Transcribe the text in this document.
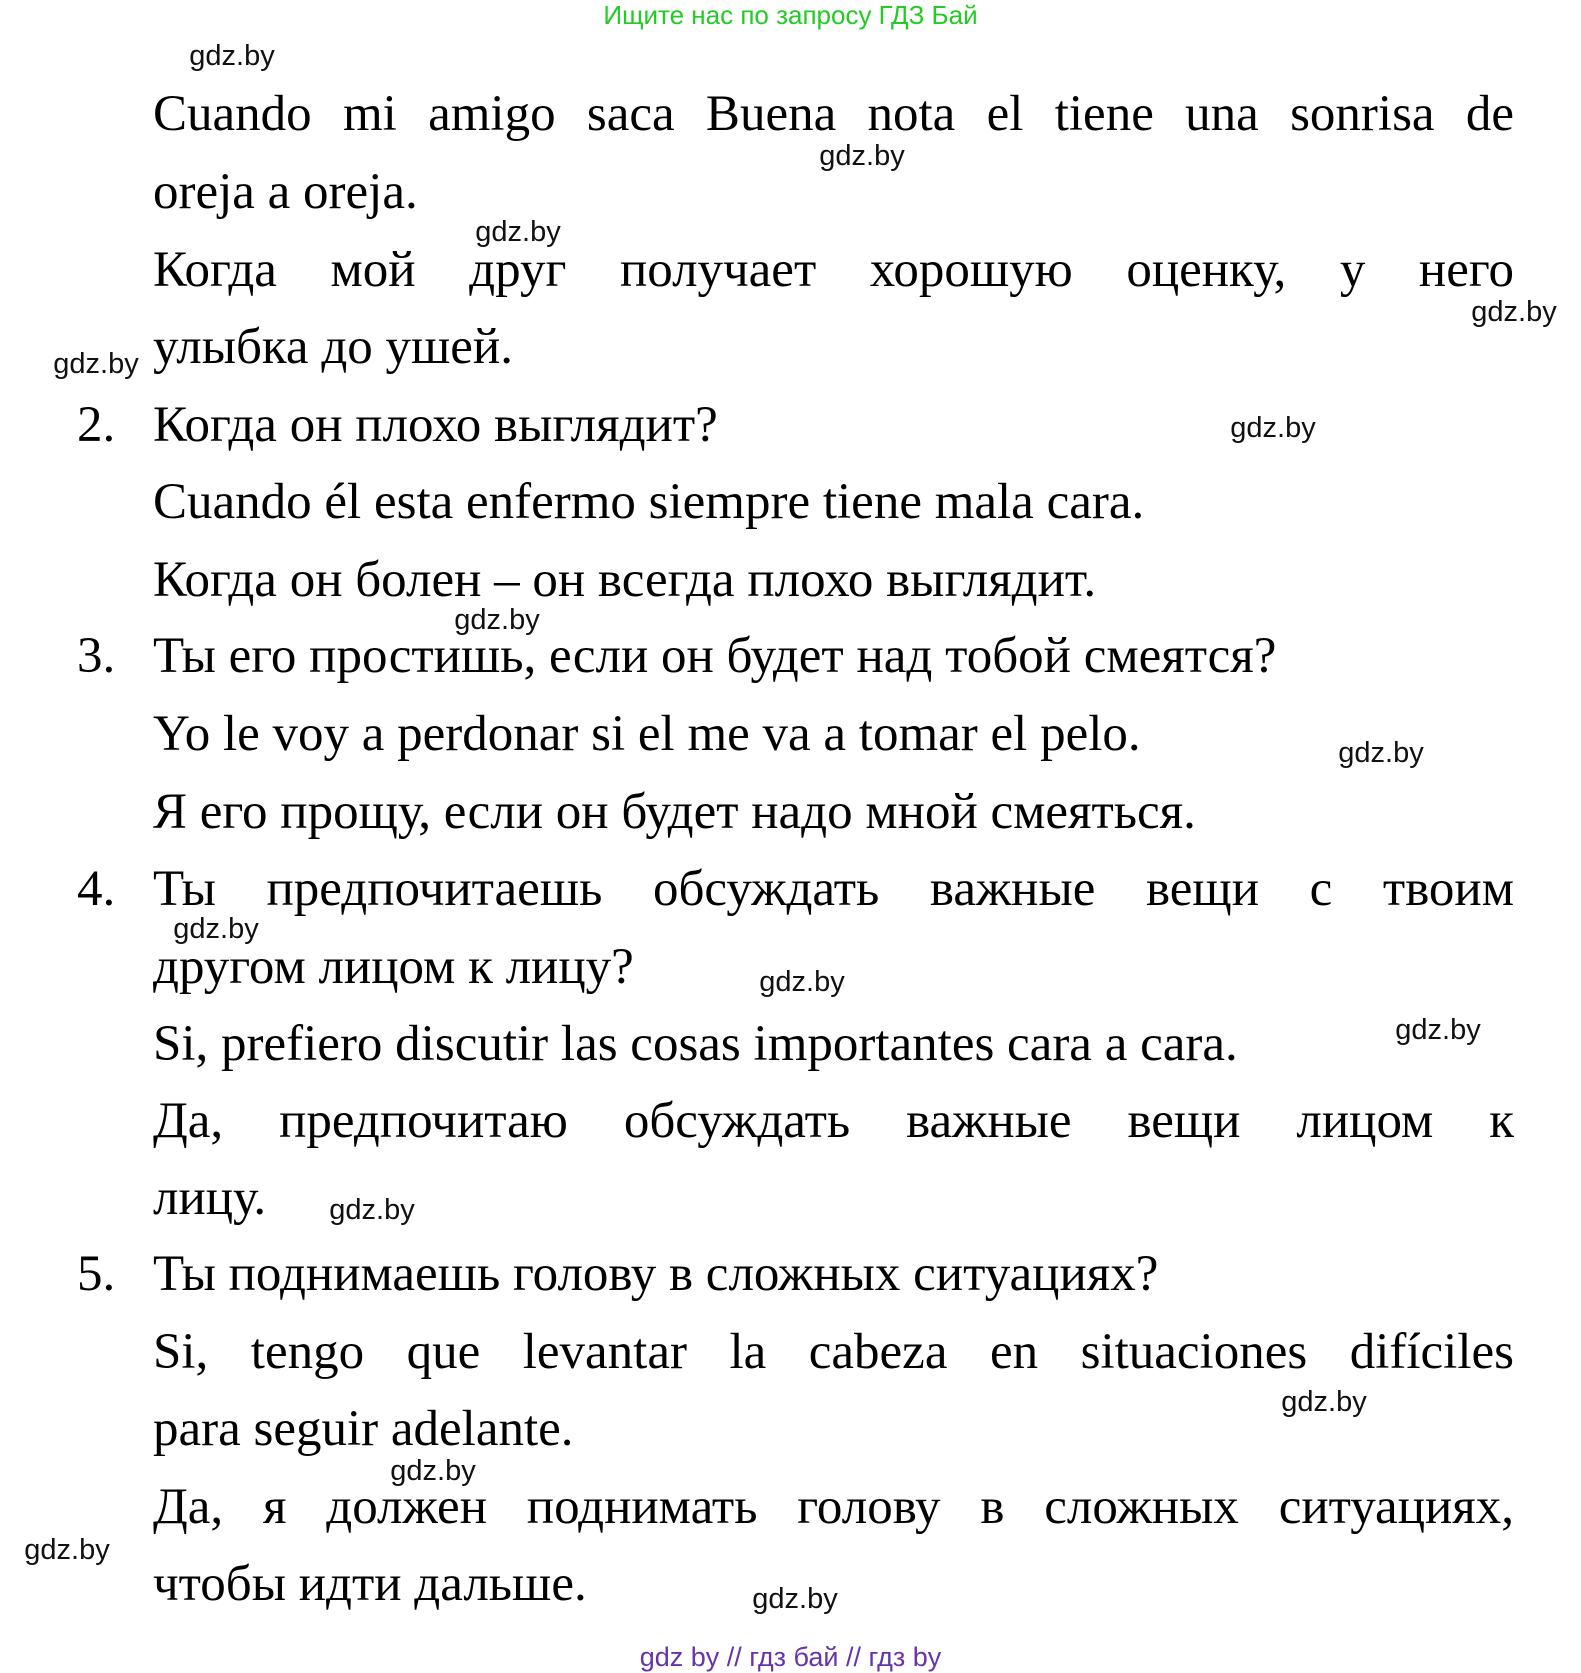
Ищите нас по запросу ГДЗ Бай
Cuando mi amigo saca Buena nota el tiene una sonrisa de
oreja a oreja.
Когда мой друг получает хорошую оценку, у него
улыбка до ушей.
2. Когда он плохо выглядит?
Cuando él esta enfermo siempre tiene mala cara.
Когда он болен – он всегда плохо выглядит.
3. Ты его простишь, если он будет над тобой смеятся?
Yo le voy a perdonar si el me va a tomar el pelo.
Я его прощу, если он будет надо мной смеяться.
4. Ты предпочитаешь обсуждать важные вещи с твоим
другом лицом к лицу?
Si, prefiero discutir las cosas importantes cara a cara.
Да, предпочитаю обсуждать важные вещи лицом к
лицу.
5. Ты поднимаешь голову в сложных ситуациях?
Si, tengo que levantar la cabeza en situaciones difíciles
para seguir adelante.
Да, я должен поднимать голову в сложных ситуациях,
чтобы идти дальше.
gdz.by
gdz.by
gdz.by
gdz.by
gdz.by
gdz.by
gdz.by
gdz.by
gdz.by
gdz.by
gdz.by
gdz.by
gdz.by
gdz.by
gdz.by
gdz.by
gdz by // гдз бай // гдз by
